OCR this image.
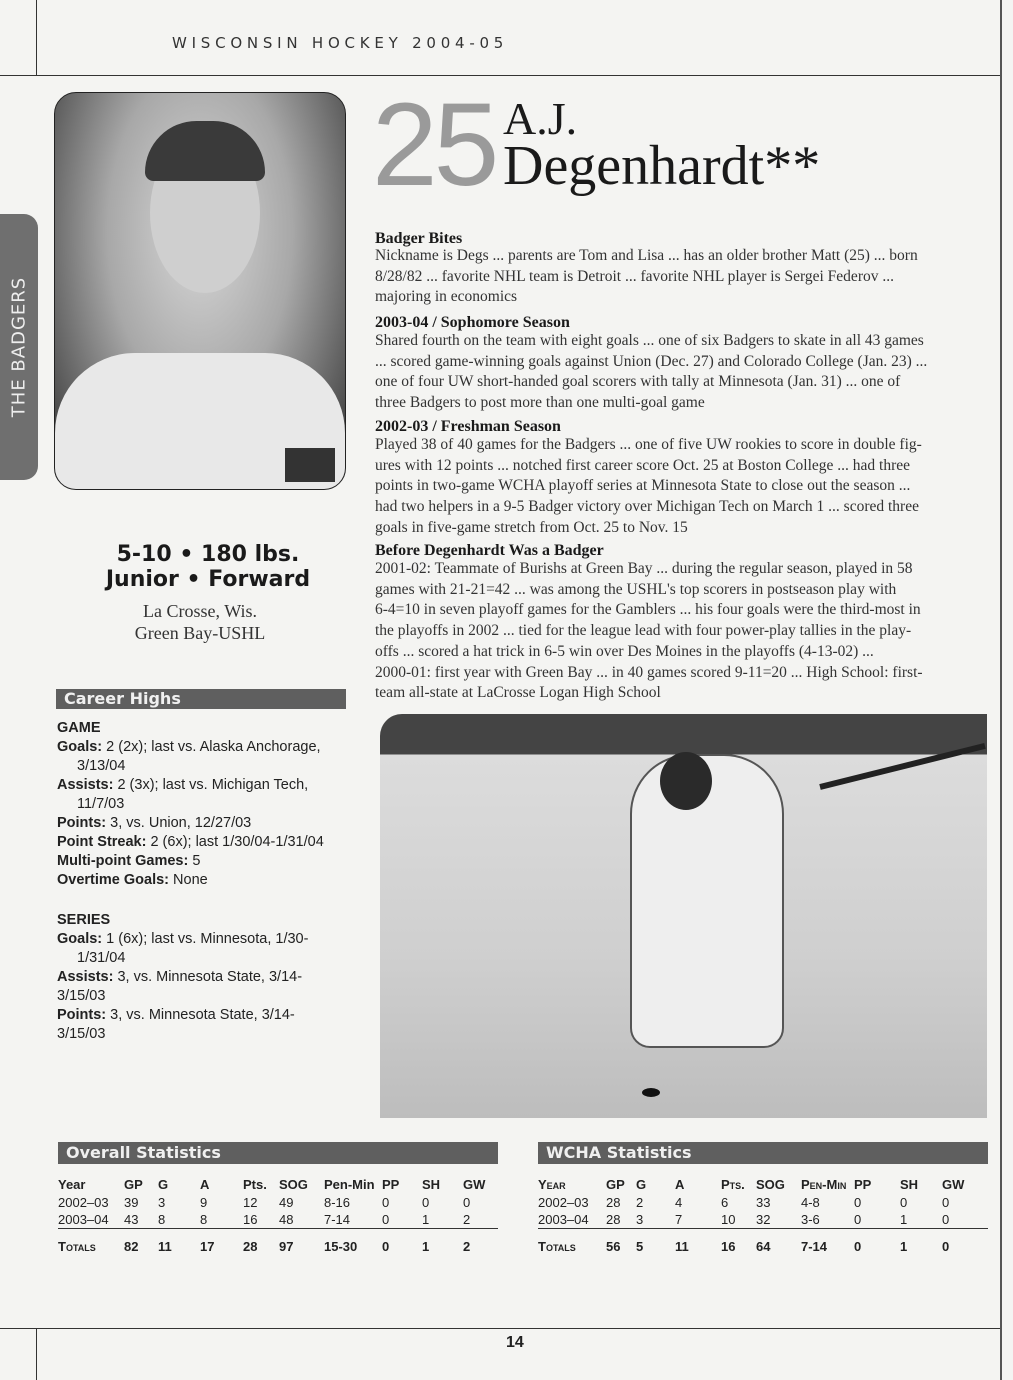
W I S C O N S I N   H O C K E Y   2 0 0 4 - 0 5
THE BADGERS
25 A.J.
Degenhardt**
5-10 • 180 lbs.
Junior • Forward
La Crosse, Wis.
Green Bay-USHL
Career Highs
GAME
Goals: 2 (2x); last vs. Alaska Anchorage,
3/13/04
Assists: 2 (3x); last vs. Michigan Tech,
11/7/03
Points: 3, vs. Union, 12/27/03
Point Streak: 2 (6x); last 1/30/04-1/31/04
Multi-point Games: 5
Overtime Goals: None
SERIES
Goals: 1 (6x); last vs. Minnesota, 1/30-
1/31/04
Assists: 3, vs. Minnesota State, 3/14-3/15/03
Points: 3, vs. Minnesota State, 3/14-3/15/03
Badger Bites
Nickname is Degs ... parents are Tom and Lisa ... has an older brother Matt (25) ... born
8/28/82 ... favorite NHL team is Detroit ... favorite NHL player is Sergei Federov ...
majoring in economics
2003-04 / Sophomore Season
Shared fourth on the team with eight goals ... one of six Badgers to skate in all 43 games
... scored game-winning goals against Union (Dec. 27) and Colorado College (Jan. 23) ...
one of four UW short-handed goal scorers with tally at Minnesota (Jan. 31) ... one of
three Badgers to post more than one multi-goal game
2002-03 / Freshman Season
Played 38 of 40 games for the Badgers ... one of five UW rookies to score in double fig-
ures with 12 points ... notched first career score Oct. 25 at Boston College ... had three
points in two-game WCHA playoff series at Minnesota State to close out the season ...
had two helpers in a 9-5 Badger victory over Michigan Tech on March 1 ... scored three
goals in five-game stretch from Oct. 25 to Nov. 15
Before Degenhardt Was a Badger
2001-02: Teammate of Burishs at Green Bay ... during the regular season, played in 58
games with 21-21=42 ... was among the USHL's top scorers in postseason play with
6-4=10 in seven playoff games for the Gamblers ... his four goals were the third-most in
the playoffs in 2002 ... tied for the league lead with four power-play tallies in the play-
offs ... scored a hat trick in 6-5 win over Des Moines in the playoffs (4-13-02) ...
2000-01: first year with Green Bay ... in 40 games scored 9-11=20 ... High School: first-
team all-state at LaCrosse Logan High School
Overall Statistics
Year	GP	G	A	Pts.	SOG	Pen-Min	PP	SH	GW
2002–03	39	3	9	12	49	8-16	0	0	0
2003–04	43	8	8	16	48	7-14	0	1	2
Totals	82	11	17	28	97	15-30	0	1	2
WCHA Statistics
Year	GP	G	A	Pts.	SOG	Pen-Min	PP	SH	GW
2002–03	28	2	4	6	33	4-8	0	0	0
2003–04	28	3	7	10	32	3-6	0	1	0
Totals	56	5	11	16	64	7-14	0	1	0
14
